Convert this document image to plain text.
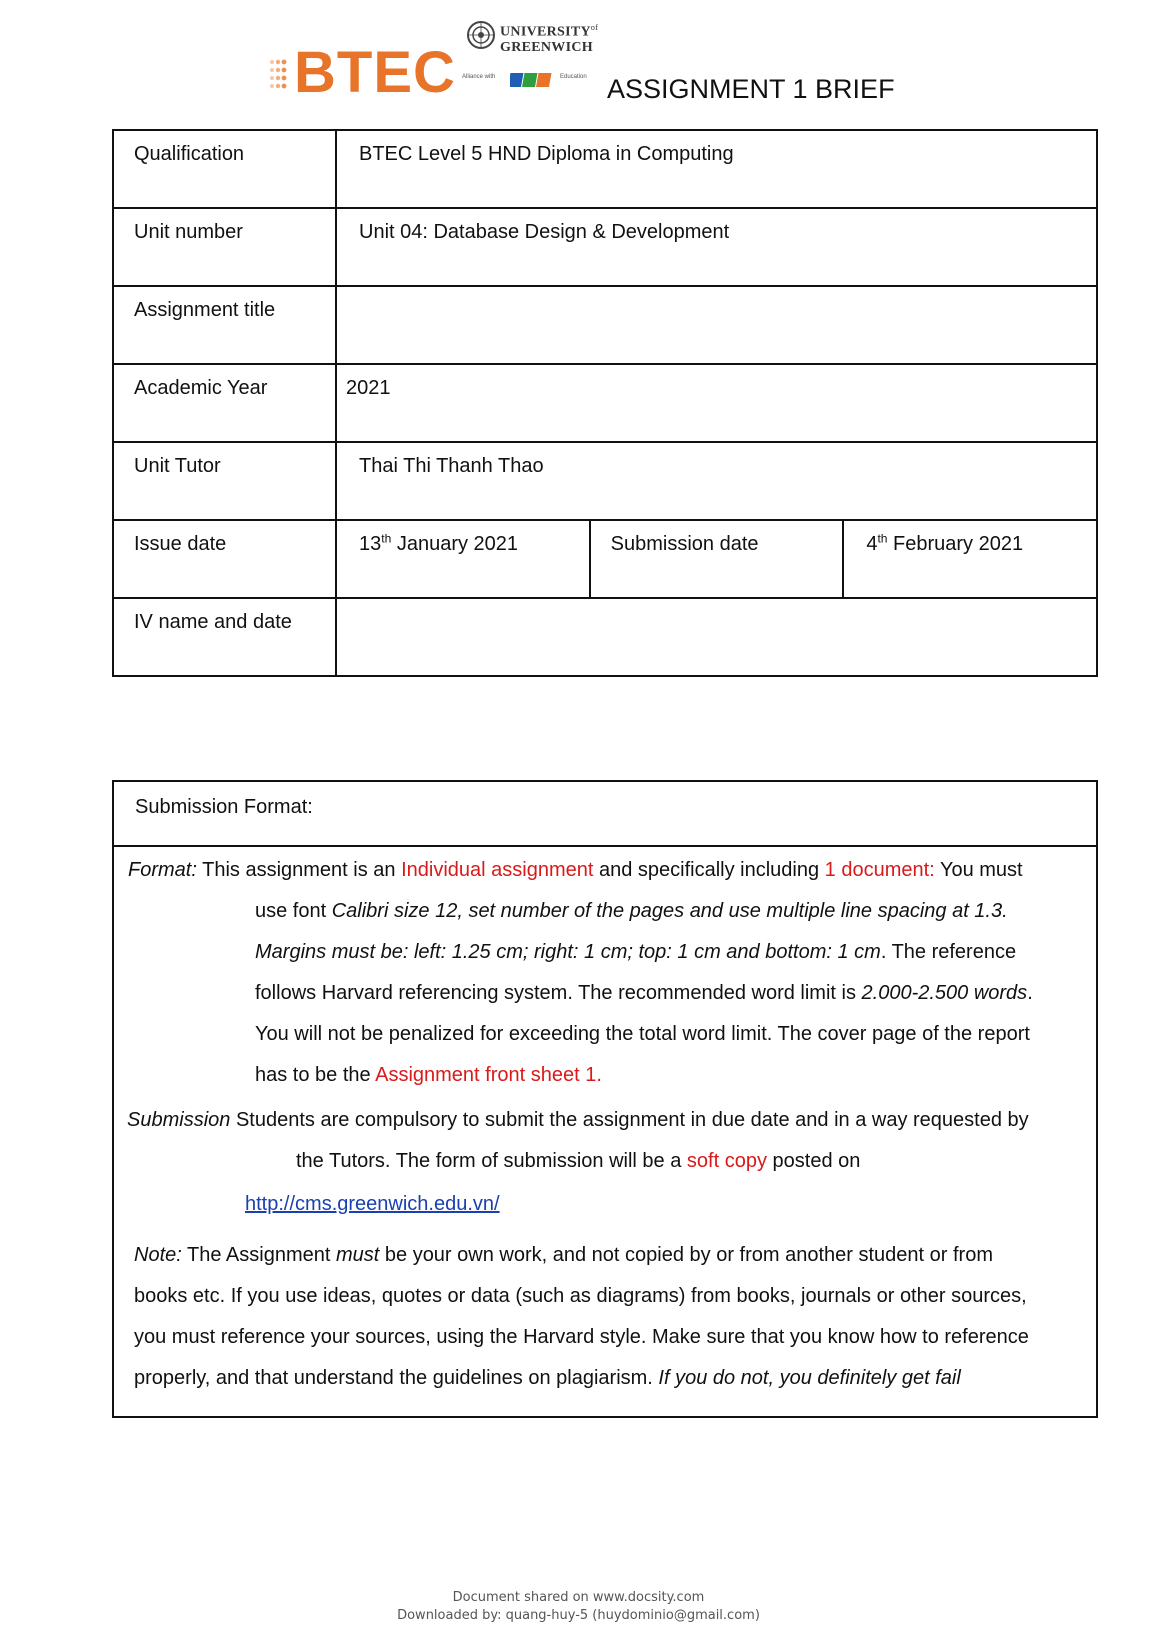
$UNIVERSITY^{of}$
GREENWICH
BTEC Alliance with	Education ASSIGNMENT 1 BRIEF
Qualification	BTEC Level 5 HND Diploma in Computing		
Unit number	Unit 04: Database Design & Development		
Assignment title			
Academic Year	2021		
Unit Tutor	Thai Thi Thanh Thao		
Issue date	13th January 2021	Submission date	4th February 2021
IV name and date			
Submission Format:
Format: This assignment is an Individual assignment and specifically including 1 document: You must
use font Calibri size 12, set number of the pages and use multiple line spacing at 1.3.
Margins must be: left: 1.25 cm; right: 1 cm; top: 1 cm and bottom: 1 cm. The reference
follows Harvard referencing system. The recommended word limit is 2.000-2.500 words.
You will not be penalized for exceeding the total word limit. The cover page of the report
has to be the Assignment front sheet 1.
Submission Students are compulsory to submit the assignment in due date and in a way requested by
the Tutors. The form of submission will be a soft copy posted on
http://cms.greenwich.edu.vn/
Note: The Assignment must be your own work, and not copied by or from another student or from
books etc. If you use ideas, quotes or data (such as diagrams) from books, journals or other sources,
you must reference your sources, using the Harvard style. Make sure that you know how to reference
properly, and that understand the guidelines on plagiarism. If you do not, you definitely get fail
Document shared on www.docsity.com
Downloaded by: quang-huy-5 (huydominio@gmail.com)
